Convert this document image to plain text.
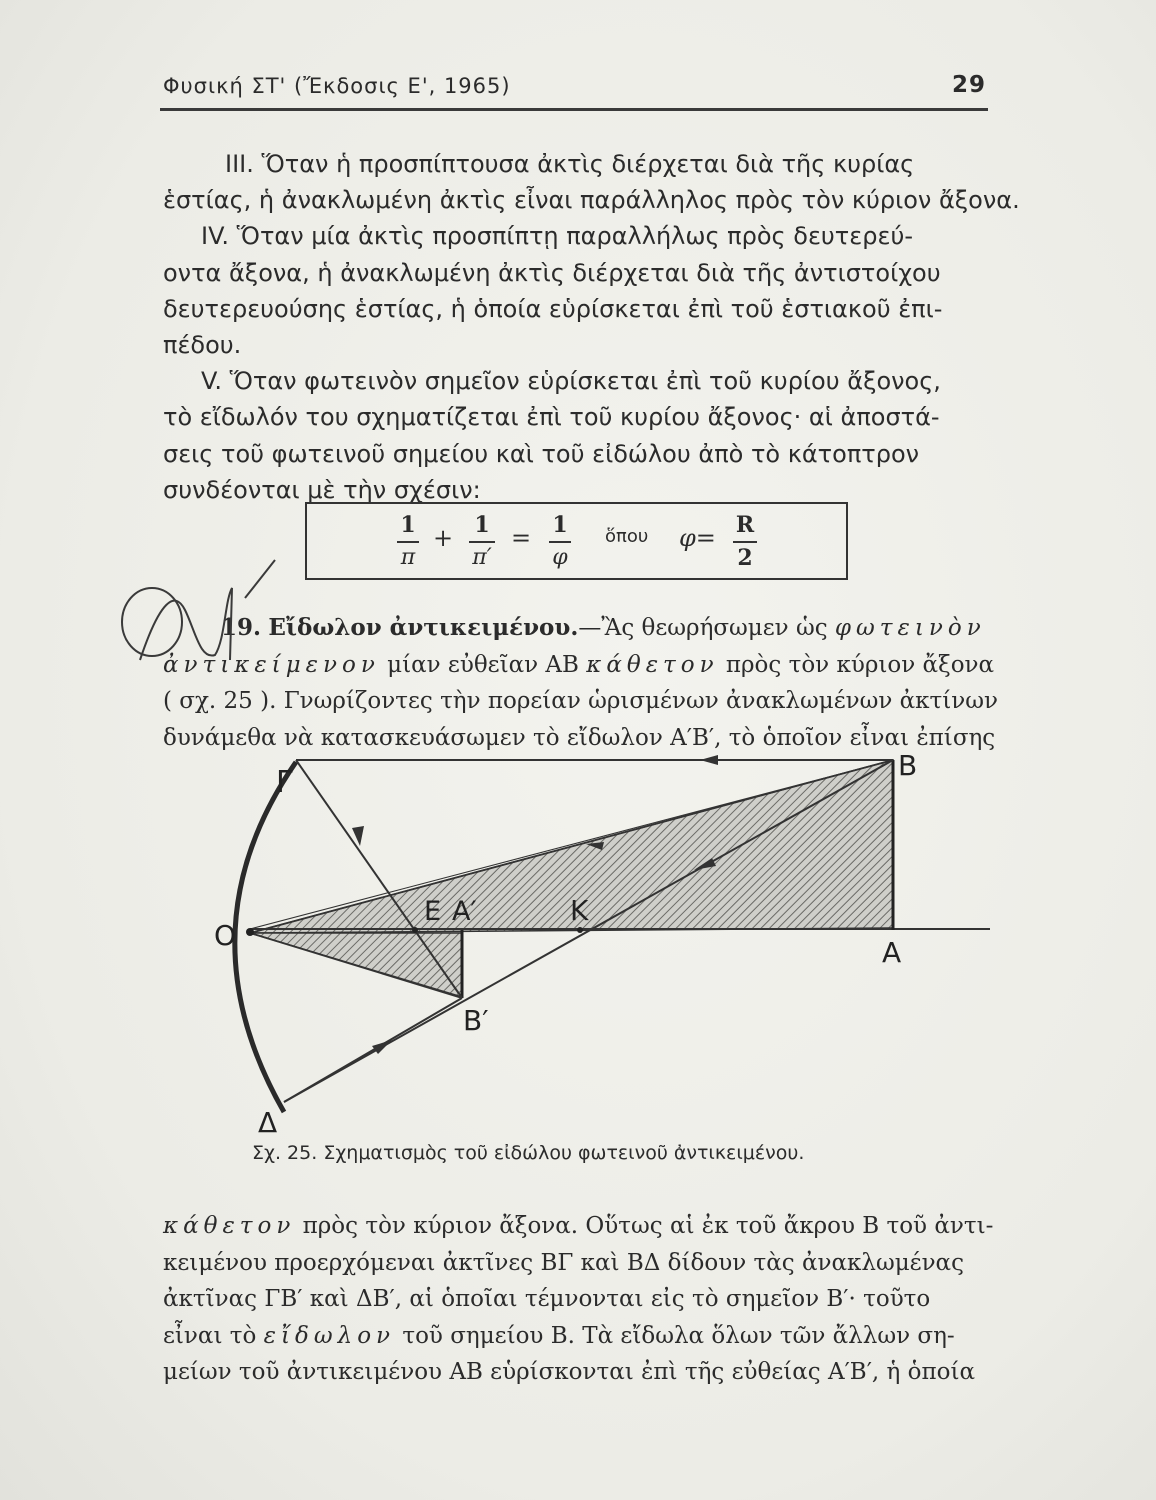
Φυσική ΣΤ' (Ἔκδοσις Ε', 1965)	29
III. Ὅταν ἡ προσπίπτουσα ἀκτὶς διέρχεται διὰ τῆς κυρίας
ἑστίας, ἡ ἀνακλωμένη ἀκτὶς εἶναι παράλληλος πρὸς τὸν κύριον ἄξονα.
IV. Ὅταν μία ἀκτὶς προσπίπτῃ παραλλήλως πρὸς δευτερεύ-
οντα ἄξονα, ἡ ἀνακλωμένη ἀκτὶς διέρχεται διὰ τῆς ἀντιστοίχου
δευτερευούσης ἑστίας, ἡ ὁποία εὑρίσκεται ἐπὶ τοῦ ἑστιακοῦ ἐπι-
πέδου.
V. Ὅταν φωτεινὸν σημεῖον εὑρίσκεται ἐπὶ τοῦ κυρίου ἄξονος,
τὸ εἴδωλόν του σχηματίζεται ἐπὶ τοῦ κυρίου ἄξονος· αἱ ἀποστά-
σεις τοῦ φωτεινοῦ σημείου καὶ τοῦ εἰδώλου ἀπὸ τὸ κάτοπτρον
συνδέονται μὲ τὴν σχέσιν:
1
π
+ 1
π′
= 1
φ
ὅπου φ= R
2
19. Εἴδωλον ἀντικειμένου.—Ἂς θεωρήσωμεν ὡς φωτεινὸν
ἀντικείμενον μίαν εὐθεῖαν ΑΒ κάθετον πρὸς τὸν κύριον ἄξονα
( σχ. 25 ). Γνωρίζοντες τὴν πορείαν ὡρισμένων ἀνακλωμένων ἀκτίνων
δυνάμεθα νὰ κατασκευάσωμεν τὸ εἴδωλον Α′Β′, τὸ ὁποῖον εἶναι ἐπίσης
Γ	Β
Ο
Ε Α′	Κ
Α
Β′
Δ
Σχ. 25. Σχηματισμὸς τοῦ εἰδώλου φωτεινοῦ ἀντικειμένου.
κάθετον πρὸς τὸν κύριον ἄξονα. Οὕτως αἱ ἐκ τοῦ ἄκρου Β τοῦ ἀντι-
κειμένου προερχόμεναι ἀκτῖνες ΒΓ καὶ ΒΔ δίδουν τὰς ἀνακλωμένας
ἀκτῖνας ΓΒ′ καὶ ΔΒ′, αἱ ὁποῖαι τέμνονται εἰς τὸ σημεῖον Β′· τοῦτο
εἶναι τὸ εἴδωλον τοῦ σημείου Β. Τὰ εἴδωλα ὅλων τῶν ἄλλων ση-
μείων τοῦ ἀντικειμένου ΑΒ εὑρίσκονται ἐπὶ τῆς εὐθείας Α′Β′, ἡ ὁποία
